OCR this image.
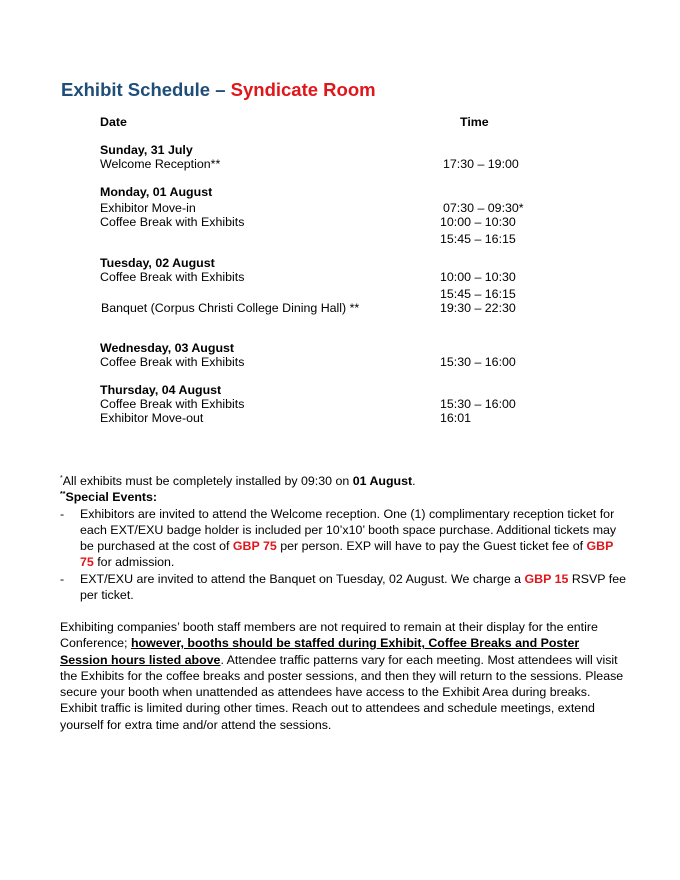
Exhibit Schedule – Syndicate Room
Date	Time
Sunday, 31 July
Welcome Reception**	17:30 – 19:00
Monday, 01 August
Exhibitor Move-in	07:30 – 09:30*
Coffee Break with Exhibits	10:00 – 10:30
15:45 – 16:15
Tuesday, 02 August
Coffee Break with Exhibits	10:00 – 10:30
15:45 – 16:15
Banquet (Corpus Christi College Dining Hall) **	19:30 – 22:30
Wednesday, 03 August
Coffee Break with Exhibits	15:30 – 16:00
Thursday, 04 August
Coffee Break with Exhibits	15:30 – 16:00
Exhibitor Move-out	16:01
*All exhibits must be completely installed by 09:30 on 01 August.
**Special Events:
- Exhibitors are invited to attend the Welcome reception. One (1) complimentary reception ticket for each EXT/EXU badge holder is included per 10’x10’ booth space purchase. Additional tickets may be purchased at the cost of GBP 75 per person. EXP will have to pay the Guest ticket fee of GBP 75 for admission.
- EXT/EXU are invited to attend the Banquet on Tuesday, 02 August. We charge a GBP 15 RSVP fee per ticket.
Exhibiting companies’ booth staff members are not required to remain at their display for the entire Conference; however, booths should be staffed during Exhibit, Coffee Breaks and Poster Session hours listed above. Attendee traffic patterns vary for each meeting. Most attendees will visit the Exhibits for the coffee breaks and poster sessions, and then they will return to the sessions. Please secure your booth when unattended as attendees have access to the Exhibit Area during breaks. Exhibit traffic is limited during other times. Reach out to attendees and schedule meetings, extend yourself for extra time and/or attend the sessions.
